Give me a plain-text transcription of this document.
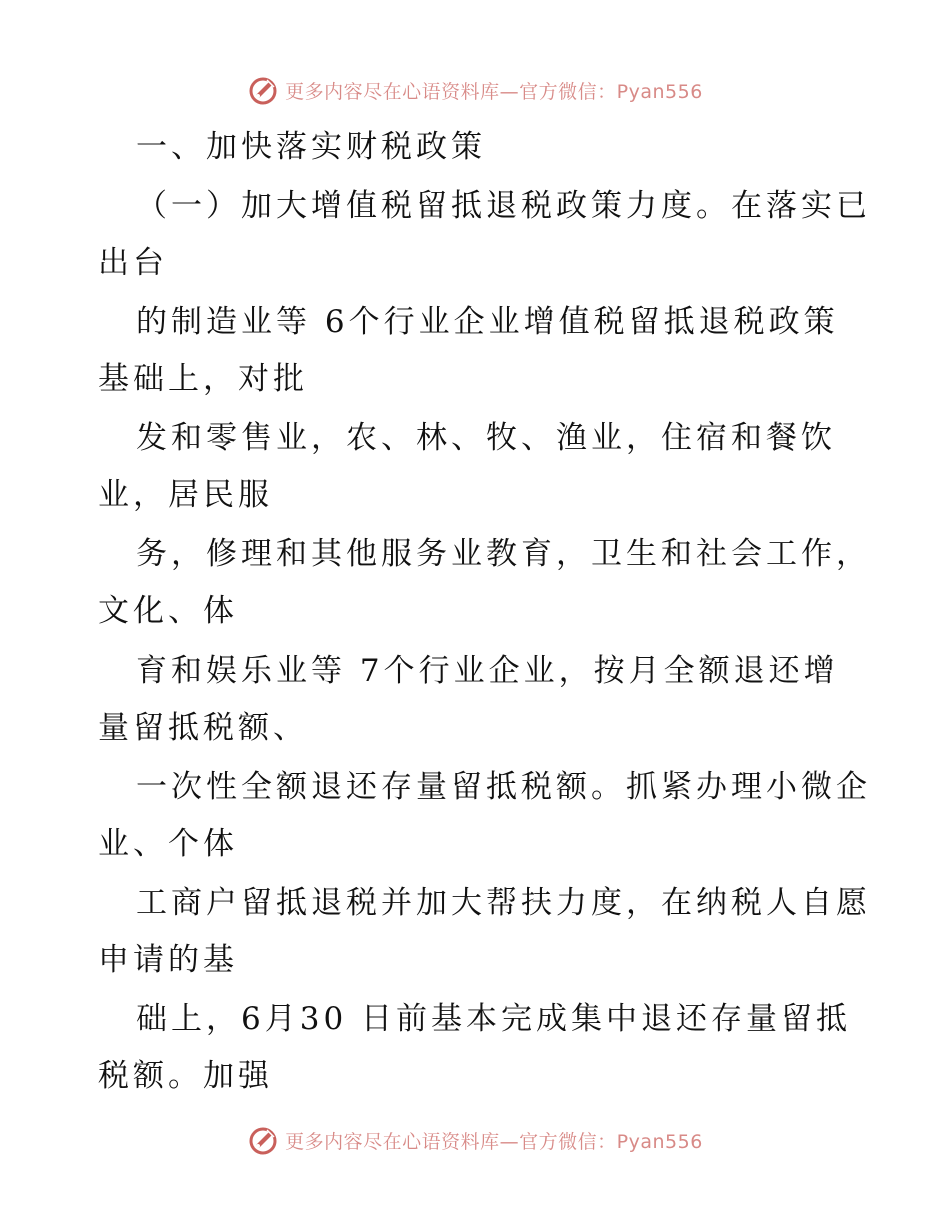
更多内容尽在心语资料库—官方微信：Pyan556
一、加快落实财税政策
（一）加大增值税留抵退税政策力度。在落实已
出台
的制造业等 6个行业企业增值税留抵退税政策
基础上，对批
发和零售业，农、林、牧、渔业，住宿和餐饮
业，居民服
务，修理和其他服务业教育，卫生和社会工作，
文化、体
育和娱乐业等 7个行业企业，按月全额退还增
量留抵税额、
一次性全额退还存量留抵税额。抓紧办理小微企
业、个体
工商户留抵退税并加大帮扶力度，在纳税人自愿
申请的基
础上，6月30 日前基本完成集中退还存量留抵
税额。加强
更多内容尽在心语资料库—官方微信：Pyan556
